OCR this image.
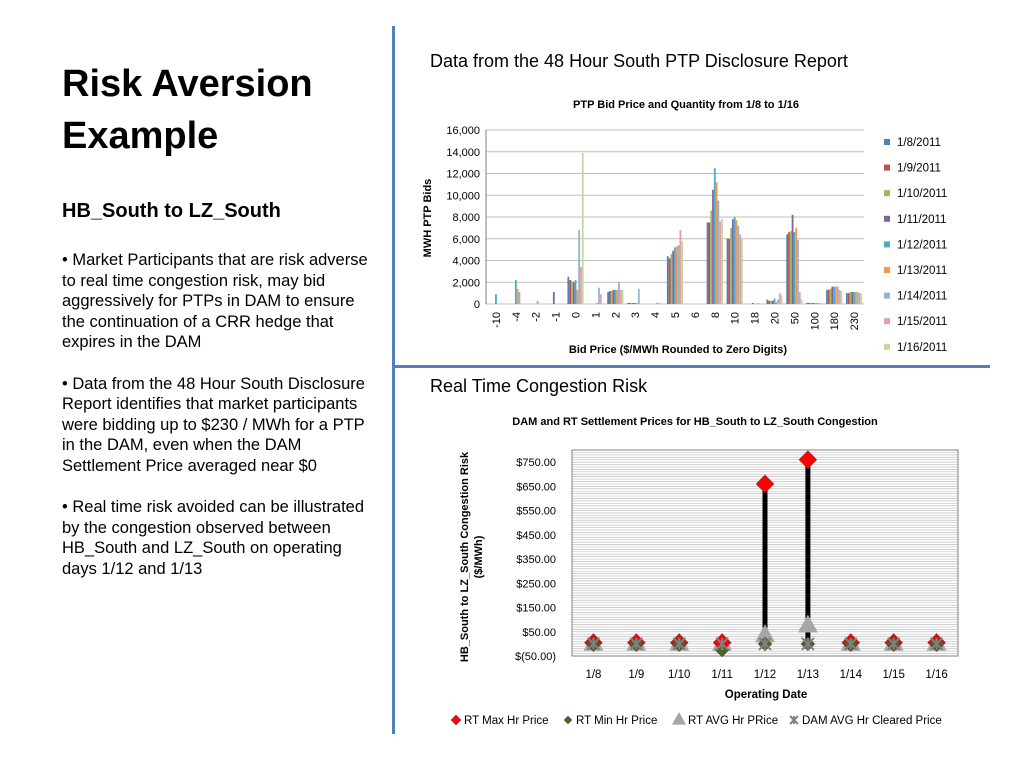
Risk Aversion Example
HB_South to LZ_South

• Market Participants that are risk adverse to real time congestion risk, may bid aggressively for PTPs in DAM to ensure the continuation of a CRR hedge that expires in the DAM

• Data from the 48 Hour South Disclosure Report identifies that market participants were bidding up to $230 / MWh for a PTP in the DAM, even when the DAM Settlement Price averaged near $0

• Real time risk avoided can be illustrated by the congestion observed between HB_South and LZ_South on operating days 1/12 and 1/13

Data from the 48 Hour South PTP Disclosure Report
Real Time Congestion Risk
PTP Bid Price and Quantity from 1/8 to 1/16
0
2,000
4,000
6,000
8,000
10,000
12,000
14,000
16,000
-10 -4 -2 -1 0 1 2 3 4 5 6 8 10 18 20 50 100 180 230
Bid Price ($/MWh Rounded to Zero Digits)
MWH PTP Bids
1/8/2011
1/9/2011
1/10/2011
1/11/2011
1/12/2011
1/13/2011
1/14/2011
1/15/2011
1/16/2011
DAM and RT Settlement Prices for HB_South to LZ_South Congestion
$(50.00)
$50.00
$150.00
$250.00
$350.00
$450.00
$550.00
$650.00
$750.00
1/8 1/9 1/10 1/11 1/12 1/13 1/14 1/15 1/16
Operating Date
HB_South to LZ_South Congestion Risk ($/MWh)
RT Max Hr Price RT Min Hr Price	RT AVG Hr PRice DAM AVG Hr Cleared Price
